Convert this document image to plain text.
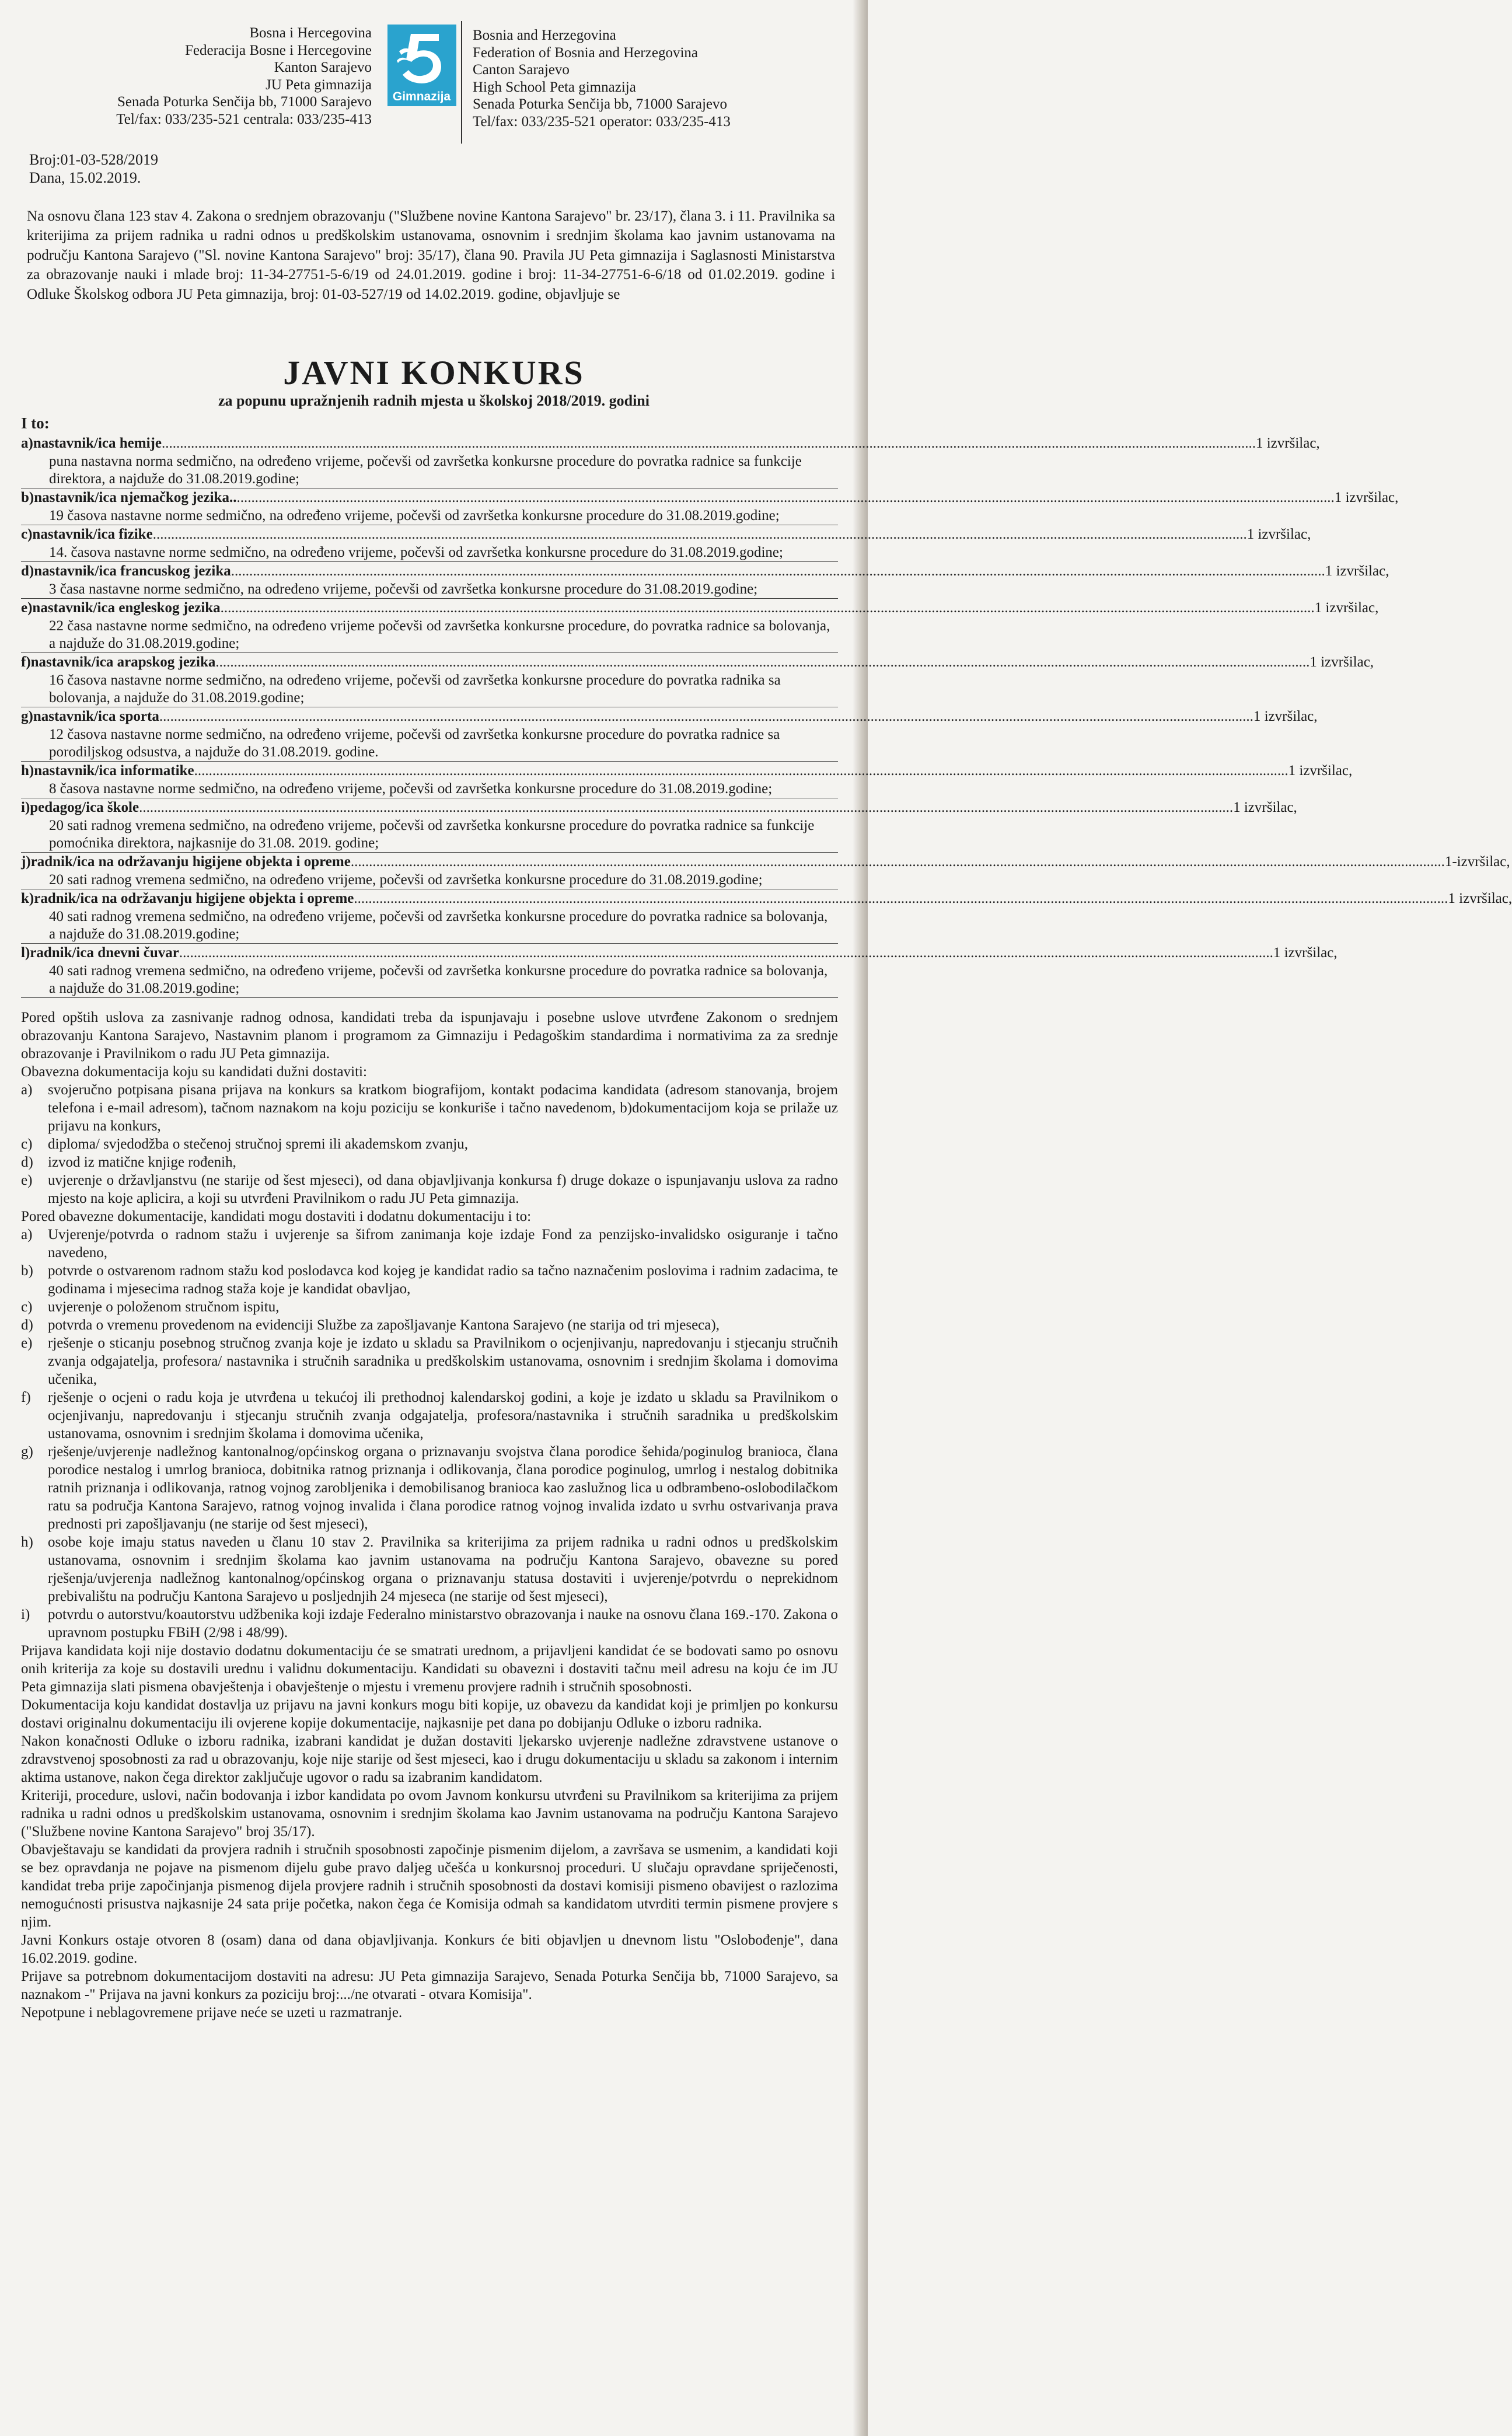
Bosna i Hercegovina
Federacija Bosne i Hercegovine
Kanton Sarajevo
JU Peta gimnazija
Senada Poturka Senčija bb, 71000 Sarajevo
Tel/fax: 033/235-521 centrala: 033/235-413
Gimnazija
Bosnia and Herzegovina
Federation of Bosnia and Herzegovina
Canton Sarajevo
High School Peta gimnazija
Senada Poturka Senčija bb, 71000 Sarajevo
Tel/fax: 033/235-521 operator: 033/235-413
Broj:01-03-528/2019
Dana, 15.02.2019.
Na osnovu člana 123 stav 4. Zakona o srednjem obrazovanju ("Službene novine Kantona Sarajevo" br. 23/17), člana 3. i 11. Pravilnika sa kriterijima za prijem radnika u radni odnos u predškolskim ustanovama, osnovnim i srednjim školama kao javnim ustanovama na području Kantona Sarajevo ("Sl. novine Kantona Sarajevo" broj: 35/17), člana 90. Pravila JU Peta gimnazija i Saglasnosti Ministarstva za obrazovanje nauki i mlade broj: 11-34-27751-5-6/19 od 24.01.2019. godine i broj: 11-34-27751-6-6/18 od 01.02.2019. godine i Odluke Školskog odbora JU Peta gimnazija, broj: 01-03-527/19 od 14.02.2019. godine, objavljuje se
JAVNI KONKURS
za popunu upražnjenih radnih mjesta u školskoj 2018/2019. godini
I to:
a) nastavnik/ica hemije ............................................................................................................................................................................................................................................................................................................ 1 izvršilac,
puna nastavna norma sedmično, na određeno vrijeme, počevši od završetka konkursne procedure do povratka radnice sa funkcije direktora, a najduže do 31.08.2019.godine;
b) nastavnik/ica njemačkog jezika.. ............................................................................................................................................................................................................................................................................................................ .1 izvršilac,
19 časova nastavne norme sedmično, na određeno vrijeme, počevši od završetka konkursne procedure do 31.08.2019.godine;
c) nastavnik/ica fizike ............................................................................................................................................................................................................................................................................................................ 1 izvršilac,
14. časova nastavne norme sedmično, na određeno vrijeme, počevši od završetka konkursne procedure do 31.08.2019.godine;
d) nastavnik/ica francuskog jezika ............................................................................................................................................................................................................................................................................................................ 1 izvršilac,
3 časa nastavne norme sedmično, na određeno vrijeme, počevši od završetka konkursne procedure do 31.08.2019.godine;
e) nastavnik/ica engleskog jezika ............................................................................................................................................................................................................................................................................................................ 1 izvršilac,
22 časa nastavne norme sedmično, na određeno vrijeme počevši od završetka konkursne procedure, do povratka radnice sa bolovanja, a najduže do 31.08.2019.godine;
f) nastavnik/ica arapskog jezika ............................................................................................................................................................................................................................................................................................................ 1 izvršilac,
16 časova nastavne norme sedmično, na određeno vrijeme, počevši od završetka konkursne procedure do povratka radnika sa bolovanja, a najduže do 31.08.2019.godine;
g) nastavnik/ica sporta ............................................................................................................................................................................................................................................................................................................ 1 izvršilac,
12 časova nastavne norme sedmično, na određeno vrijeme, počevši od završetka konkursne procedure do povratka radnice sa porodiljskog odsustva, a najduže do 31.08.2019. godine.
h) nastavnik/ica informatike ............................................................................................................................................................................................................................................................................................................ 1 izvršilac,
8 časova nastavne norme sedmično, na određeno vrijeme, počevši od završetka konkursne procedure do 31.08.2019.godine;
i) pedagog/ica škole ............................................................................................................................................................................................................................................................................................................ 1 izvršilac,
20 sati radnog vremena sedmično, na određeno vrijeme, počevši od završetka konkursne procedure do povratka radnice sa funkcije pomoćnika direktora, najkasnije do 31.08. 2019. godine;
j) radnik/ica na održavanju higijene objekta i opreme ............................................................................................................................................................................................................................................................................................................ 1-izvršilac,
20 sati radnog vremena sedmično, na određeno vrijeme, počevši od završetka konkursne procedure do 31.08.2019.godine;
k) radnik/ica na održavanju higijene objekta i opreme ............................................................................................................................................................................................................................................................................................................ 1 izvršilac,
40 sati radnog vremena sedmično, na određeno vrijeme, počevši od završetka konkursne procedure do povratka radnice sa bolovanja, a najduže do 31.08.2019.godine;
l) radnik/ica dnevni čuvar ............................................................................................................................................................................................................................................................................................................ 1 izvršilac,
40 sati radnog vremena sedmično, na određeno vrijeme, počevši od završetka konkursne procedure do povratka radnice sa bolovanja, a najduže do 31.08.2019.godine;
Pored opštih uslova za zasnivanje radnog odnosa, kandidati treba da ispunjavaju i posebne uslove utvrđene Zakonom o srednjem obrazovanju Kantona Sarajevo, Nastavnim planom i programom za Gimnaziju i Pedagoškim standardima i normativima za za srednje obrazovanje i Pravilnikom o radu JU Peta gimnazija.
Obavezna dokumentacija koju su kandidati dužni dostaviti:
a)	svojeručno potpisana pisana prijava na konkurs sa kratkom biografijom, kontakt podacima kandidata (adresom stanovanja, brojem telefona i e-mail adresom), tačnom naznakom na koju poziciju se konkuriše i tačno navedenom, b)dokumentacijom koja se prilaže uz prijavu na konkurs,
c)	diploma/ svjedodžba o stečenoj stručnoj spremi ili akademskom zvanju,
d)	izvod iz matične knjige rođenih,
e)	uvjerenje o državljanstvu (ne starije od šest mjeseci), od dana objavljivanja konkursa f) druge dokaze o ispunjavanju uslova za radno mjesto na koje aplicira, a koji su utvrđeni Pravilnikom o radu JU Peta gimnazija.
Pored obavezne dokumentacije, kandidati mogu dostaviti i dodatnu dokumentaciju i to:
a)	Uvjerenje/potvrda o radnom stažu i uvjerenje sa šifrom zanimanja koje izdaje Fond za penzijsko-invalidsko osiguranje i tačno navedeno,
b)	potvrde o ostvarenom radnom stažu kod poslodavca kod kojeg je kandidat radio sa tačno naznačenim poslovima i radnim zadacima, te godinama i mjesecima radnog staža koje je kandidat obavljao,
c)	uvjerenje o položenom stručnom ispitu,
d)	potvrda o vremenu provedenom na evidenciji Službe za zapošljavanje Kantona Sarajevo (ne starija od tri mjeseca),
e)	rješenje o sticanju posebnog stručnog zvanja koje je izdato u skladu sa Pravilnikom o ocjenjivanju, napredovanju i stjecanju stručnih zvanja odgajatelja, profesora/ nastavnika i stručnih saradnika u predškolskim ustanovama, osnovnim i srednjim školama i domovima učenika,
f)	rješenje o ocjeni o radu koja je utvrđena u tekućoj ili prethodnoj kalendarskoj godini, a koje je izdato u skladu sa Pravilnikom o ocjenjivanju, napredovanju i stjecanju stručnih zvanja odgajatelja, profesora/nastavnika i stručnih saradnika u predškolskim ustanovama, osnovnim i srednjim školama i domovima učenika,
g)	rješenje/uvjerenje nadležnog kantonalnog/općinskog organa o priznavanju svojstva člana porodice šehida/poginulog branioca, člana porodice nestalog i umrlog branioca, dobitnika ratnog priznanja i odlikovanja, člana porodice poginulog, umrlog i nestalog dobitnika ratnih priznanja i odlikovanja, ratnog vojnog zarobljenika i demobilisanog branioca kao zaslužnog lica u odbrambeno-oslobodilačkom ratu sa područja Kantona Sarajevo, ratnog vojnog invalida i člana porodice ratnog vojnog invalida izdato u svrhu ostvarivanja prava prednosti pri zapošljavanju (ne starije od šest mjeseci),
h)	osobe koje imaju status naveden u članu 10 stav 2. Pravilnika sa kriterijima za prijem radnika u radni odnos u predškolskim ustanovama, osnovnim i srednjim školama kao javnim ustanovama na području Kantona Sarajevo, obavezne su pored rješenja/uvjerenja nadležnog kantonalnog/općinskog organa o priznavanju statusa dostaviti i uvjerenje/potvrdu o neprekidnom prebivalištu na području Kantona Sarajevo u posljednjih 24 mjeseca (ne starije od šest mjeseci),
i)	potvrdu o autorstvu/koautorstvu udžbenika koji izdaje Federalno ministarstvo obrazovanja i nauke na osnovu člana 169.-170. Zakona o upravnom postupku FBiH (2/98 i 48/99).
Prijava kandidata koji nije dostavio dodatnu dokumentaciju će se smatrati urednom, a prijavljeni kandidat će se bodovati samo po osnovu onih kriterija za koje su dostavili urednu i validnu dokumentaciju. Kandidati su obavezni i dostaviti tačnu meil adresu na koju će im JU Peta gimnazija slati pismena obavještenja i obavještenje o mjestu i vremenu provjere radnih i stručnih sposobnosti.
Dokumentacija koju kandidat dostavlja uz prijavu na javni konkurs mogu biti kopije, uz obavezu da kandidat koji je primljen po konkursu dostavi originalnu dokumentaciju ili ovjerene kopije dokumentacije, najkasnije pet dana po dobijanju Odluke o izboru radnika.
Nakon konačnosti Odluke o izboru radnika, izabrani kandidat je dužan dostaviti ljekarsko uvjerenje nadležne zdravstvene ustanove o zdravstvenoj sposobnosti za rad u obrazovanju, koje nije starije od šest mjeseci, kao i drugu dokumentaciju u skladu sa zakonom i internim aktima ustanove, nakon čega direktor zaključuje ugovor o radu sa izabranim kandidatom.
Kriteriji, procedure, uslovi, način bodovanja i izbor kandidata po ovom Javnom konkursu utvrđeni su Pravilnikom sa kriterijima za prijem radnika u radni odnos u predškolskim ustanovama, osnovnim i srednjim školama kao Javnim ustanovama na području Kantona Sarajevo ("Službene novine Kantona Sarajevo" broj 35/17).
Obavještavaju se kandidati da provjera radnih i stručnih sposobnosti započinje pismenim dijelom, a završava se usmenim, a kandidati koji se bez opravdanja ne pojave na pismenom dijelu gube pravo daljeg učešća u konkursnoj proceduri. U slučaju opravdane spriječenosti, kandidat treba prije započinjanja pismenog dijela provjere radnih i stručnih sposobnosti da dostavi komisiji pismeno obavijest o razlozima nemogućnosti prisustva najkasnije 24 sata prije početka, nakon čega će Komisija odmah sa kandidatom utvrditi termin pismene provjere s njim.
Javni Konkurs ostaje otvoren 8 (osam) dana od dana objavljivanja. Konkurs će biti objavljen u dnevnom listu "Oslobođenje", dana 16.02.2019. godine.
Prijave sa potrebnom dokumentacijom dostaviti na adresu: JU Peta gimnazija Sarajevo, Senada Poturka Senčija bb, 71000 Sarajevo, sa naznakom -" Prijava na javni konkurs za poziciju broj:.../ne otvarati - otvara Komisija".
Nepotpune i neblagovremene prijave neće se uzeti u razmatranje.
